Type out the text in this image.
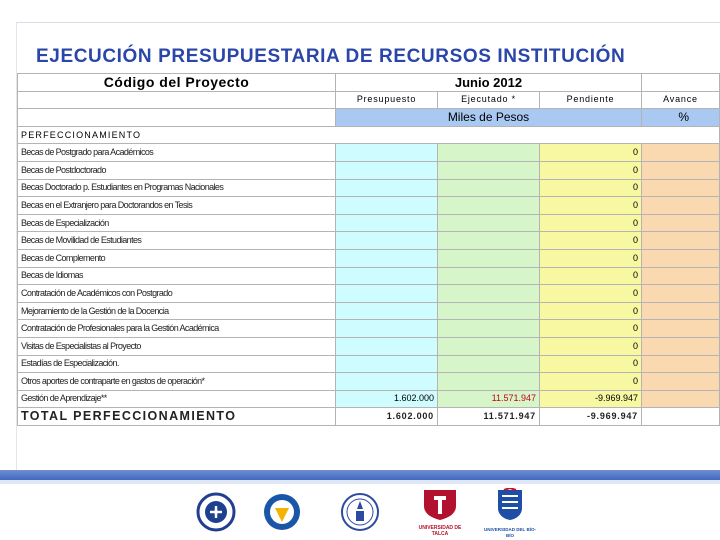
EJECUCIÓN PRESUPUESTARIA DE RECURSOS INSTITUCIÓN
Código del Proyecto	Junio 2012			
	Presupuesto	Ejecutado *	Pendiente	Avance
	Miles de Pesos			%
PERFECCIONAMIENTO				
Becas de Postgrado para Académicos			0	
Becas de Postdoctorado			0	
Becas Doctorado p. Estudiantes en Programas Nacionales			0	
Becas en el Extranjero para Doctorandos en Tesis			0	
Becas de Especialización			0	
Becas de Movilidad de Estudiantes			0	
Becas de Complemento			0	
Becas de Idiomas			0	
Contratación de Académicos con Postgrado			0	
Mejoramiento de la Gestión de la Docencia			0	
Contratación de Profesionales para la Gestión Académica			0	
Visitas de Especialistas al Proyecto			0	
Estadías de Especialización.			0	
Otros aportes de contraparte en gastos de operación*			0	
Gestión de Aprendizaje**	1.602.000	11.571.947	-9.969.947	
TOTAL PERFECCIONAMIENTO	1.602.000	11.571.947	-9.969.947	
UNIVERSIDAD DE TALCA
UNIVERSIDAD DEL BÍO-BÍO
